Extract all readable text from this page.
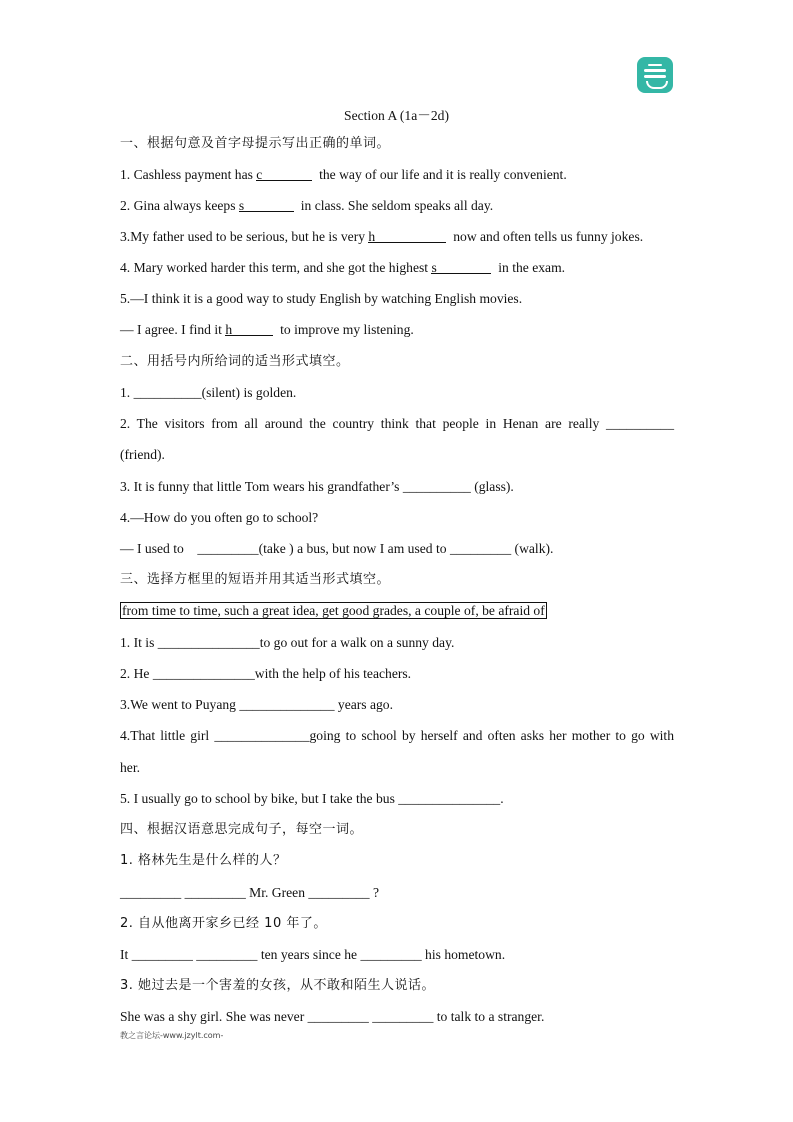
Section A (1a－2d)
一、根据句意及首字母提示写出正确的单词。
1. Cashless payment has c	the way of our life and it is really convenient.
2. Gina always keeps s	in class. She seldom speaks all day.
3.My father used to be serious, but he is very h	now and often tells us funny jokes.
4. Mary worked harder this term, and she got the highest s	in the exam.
5.—I think it is a good way to study English by watching English movies.
— I agree. I find it h	to improve my listening.
二、用括号内所给词的适当形式填空。
1. __________(silent) is golden.
2. The visitors from all around the country think that people in Henan are really __________
(friend).
3. It is funny that little Tom wears his grandfather’s __________ (glass).
4.—How do you often go to school?
— I used to    _________(take ) a bus, but now I am used to _________ (walk).
三、选择方框里的短语并用其适当形式填空。
from time to time, such a great idea, get good grades, a couple of, be afraid of
1. It is _______________to go out for a walk on a sunny day.
2. He _______________with the help of his teachers.
3.We went to Puyang ______________ years ago.
4.That little girl ______________going to school by herself and often asks her mother to go with
her.
5. I usually go to school by bike, but I take the bus _______________.
四、根据汉语意思完成句子，每空一词。
1. 格林先生是什么样的人？
_________ _________ Mr. Green _________ ?
2. 自从他离开家乡已经 10 年了。
It _________ _________ ten years since he _________ his hometown.
3. 她过去是一个害羞的女孩，从不敢和陌生人说话。
She was a shy girl. She was never _________ _________ to talk to a stranger.
教之言论坛-www.jzylt.com-
